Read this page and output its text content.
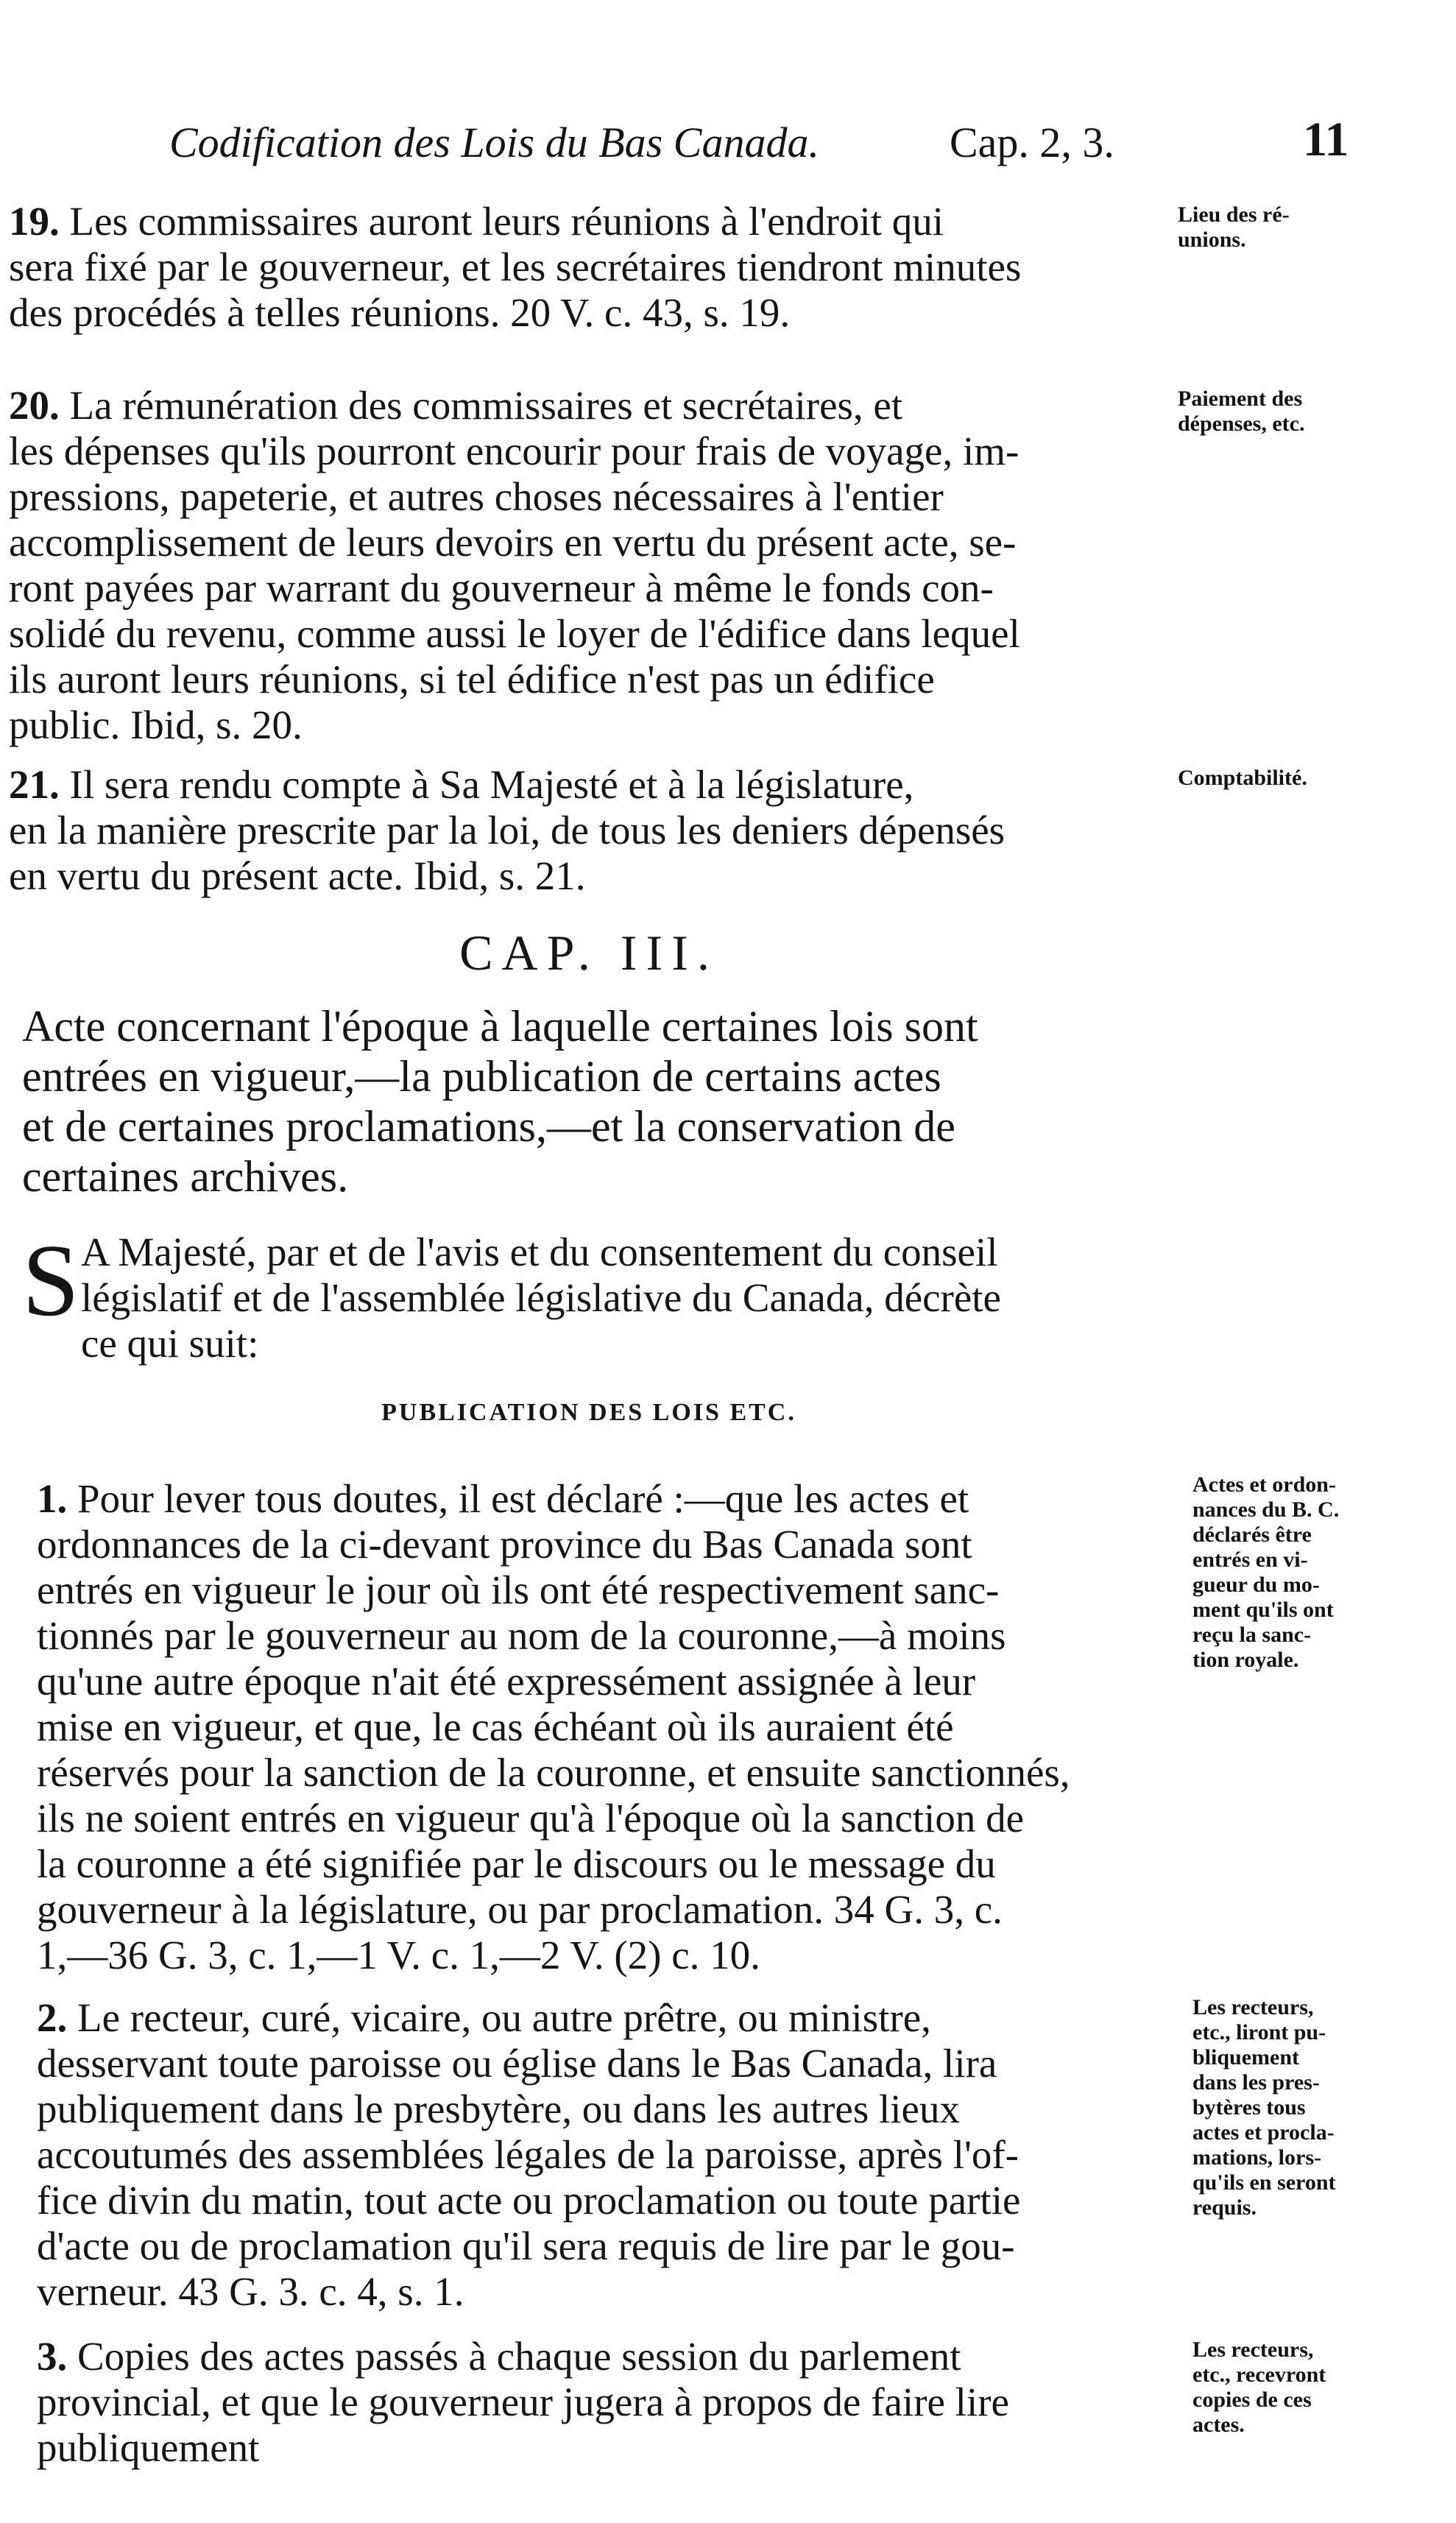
Codification des Lois du Bas Canada.	Cap. 2, 3.	11

19. Les commissaires auront leurs réunions à l'endroit qui
sera fixé par le gouverneur, et les secrétaires tiendront minutes
des procédés à telles réunions. 20 V. c. 43, s. 19.

Lieu des ré-
unions.

20. La rémunération des commissaires et secrétaires, et
les dépenses qu'ils pourront encourir pour frais de voyage, im-
pressions, papeterie, et autres choses nécessaires à l'entier
accomplissement de leurs devoirs en vertu du présent acte, se-
ront payées par warrant du gouverneur à même le fonds con-
solidé du revenu, comme aussi le loyer de l'édifice dans lequel
ils auront leurs réunions, si tel édifice n'est pas un édifice
public. Ibid, s. 20.

Paiement des
dépenses, etc.

21. Il sera rendu compte à Sa Majesté et à la législature,
en la manière prescrite par la loi, de tous les deniers dépensés
en vertu du présent acte. Ibid, s. 21.

Comptabilité.
CAP. III.
Acte concernant l'époque à laquelle certaines lois sont
entrées en vigueur,—la publication de certains actes
et de certaines proclamations,—et la conservation de
certaines archives.
S A Majesté, par et de l'avis et du consentement du conseil
législatif et de l'assemblée législative du Canada, décrète
ce qui suit:
PUBLICATION DES LOIS ETC.

1. Pour lever tous doutes, il est déclaré :—que les actes et
ordonnances de la ci-devant province du Bas Canada sont
entrés en vigueur le jour où ils ont été respectivement sanc-
tionnés par le gouverneur au nom de la couronne,—à moins
qu'une autre époque n'ait été expressément assignée à leur
mise en vigueur, et que, le cas échéant où ils auraient été
réservés pour la sanction de la couronne, et ensuite sanctionnés,
ils ne soient entrés en vigueur qu'à l'époque où la sanction de
la couronne a été signifiée par le discours ou le message du
gouverneur à la législature, ou par proclamation. 34 G. 3, c.
1,—36 G. 3, c. 1,—1 V. c. 1,—2 V. (2) c. 10.

Actes et ordon-
nances du B. C.
déclarés être
entrés en vi-
gueur du mo-
ment qu'ils ont
reçu la sanc-
tion royale.

2. Le recteur, curé, vicaire, ou autre prêtre, ou ministre,
desservant toute paroisse ou église dans le Bas Canada, lira
publiquement dans le presbytère, ou dans les autres lieux
accoutumés des assemblées légales de la paroisse, après l'of-
fice divin du matin, tout acte ou proclamation ou toute partie
d'acte ou de proclamation qu'il sera requis de lire par le gou-
verneur. 43 G. 3. c. 4, s. 1.

Les recteurs,
etc., liront pu-
bliquement
dans les pres-
bytères tous
actes et procla-
mations, lors-
qu'ils en seront
requis.

3. Copies des actes passés à chaque session du parlement
provincial, et que le gouverneur jugera à propos de faire lire
publiquement

Les recteurs,
etc., recevront
copies de ces
actes.
